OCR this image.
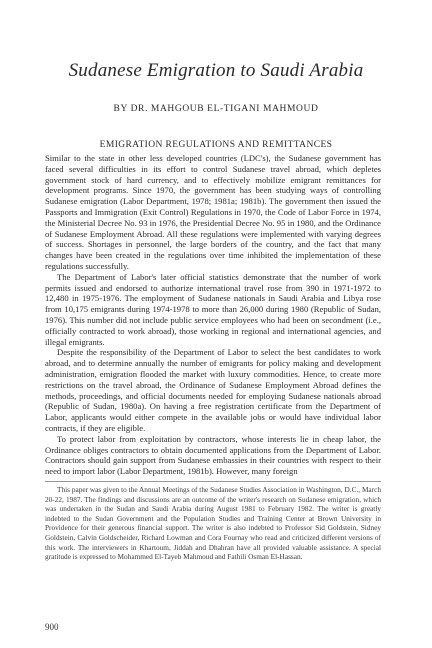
Sudanese Emigration to Saudi Arabia
BY DR. MAHGOUB EL-TIGANI MAHMOUD
EMIGRATION REGULATIONS AND REMITTANCES

Similar to the state in other less developed countries (LDC's), the Sudanese government has faced several difficulties in its effort to control Sudanese travel abroad, which depletes government stock of hard currency, and to effectively mobilize emigrant remittances for development programs. Since 1970, the government has been studying ways of controlling Sudanese emigration (Labor Department, 1978; 1981a; 1981b). The government then issued the Passports and Immigration (Exit Control) Regulations in 1970, the Code of Labor Force in 1974, the Ministerial Decree No. 93 in 1976, the Presidential Decree No. 95 in 1980, and the Ordinance of Sudanese Employment Abroad. All these regulations were implemented with varying degrees of success. Shortages in personnel, the large borders of the country, and the fact that many changes have been created in the regulations over time inhibited the implementation of these regulations successfully.

The Department of Labor's later official statistics demonstrate that the number of work permits issued and endorsed to authorize international travel rose from 390 in 1971-1972 to 12,480 in 1975-1976. The employment of Sudanese nationals in Saudi Arabia and Libya rose from 10,175 emigrants during 1974-1978 to more than 26,000 during 1980 (Republic of Sudan, 1976). This number did not include public service employees who had been on secondment (i.e., officially contracted to work abroad), those working in regional and international agencies, and illegal emigrants.

Despite the responsibility of the Department of Labor to select the best candidates to work abroad, and to determine annually the number of emigrants for policy making and development administration, emigration flooded the market with luxury commodities. Hence, to create more restrictions on the travel abroad, the Ordinance of Sudanese Employment Abroad defines the methods, proceedings, and official documents needed for employing Sudanese nationals abroad (Republic of Sudan, 1980a). On having a free registration certificate from the Department of Labor, applicants would either compete in the available jobs or would have individual labor contracts, if they are eligible.

To protect labor from exploitation by contractors, whose interests lie in cheap labor, the Ordinance obliges contractors to obtain documented applications from the Department of Labor. Contractors should gain support from Sudanese embassies in their countries with respect to their need to import labor (Labor Department, 1981b). However, many foreign

This paper was given to the Annual Meetings of the Sudanese Studies Association in Washington, D.C., March 20-22, 1987. The findings and discussions are an outcome of the writer's research on Sudanese emigration, which was undertaken in the Sudan and Saudi Arabia during August 1981 to February 1982. The writer is greatly indebted to the Sudan Government and the Population Studies and Training Center at Brown University in Providence for their generous financial support. The writer is also indebted to Professor Sid Goldstein, Sidney Goldstein, Calvin Goldscheider, Richard Lowman and Cora Fournay who read and criticized different versions of this work. The interviewers in Khartoum, Jiddah and Dhahran have all provided valuable assistance. A special gratitude is expressed to Mohammed El-Tayeb Mahmoud and Fathili Osman El-Hassan.

900
